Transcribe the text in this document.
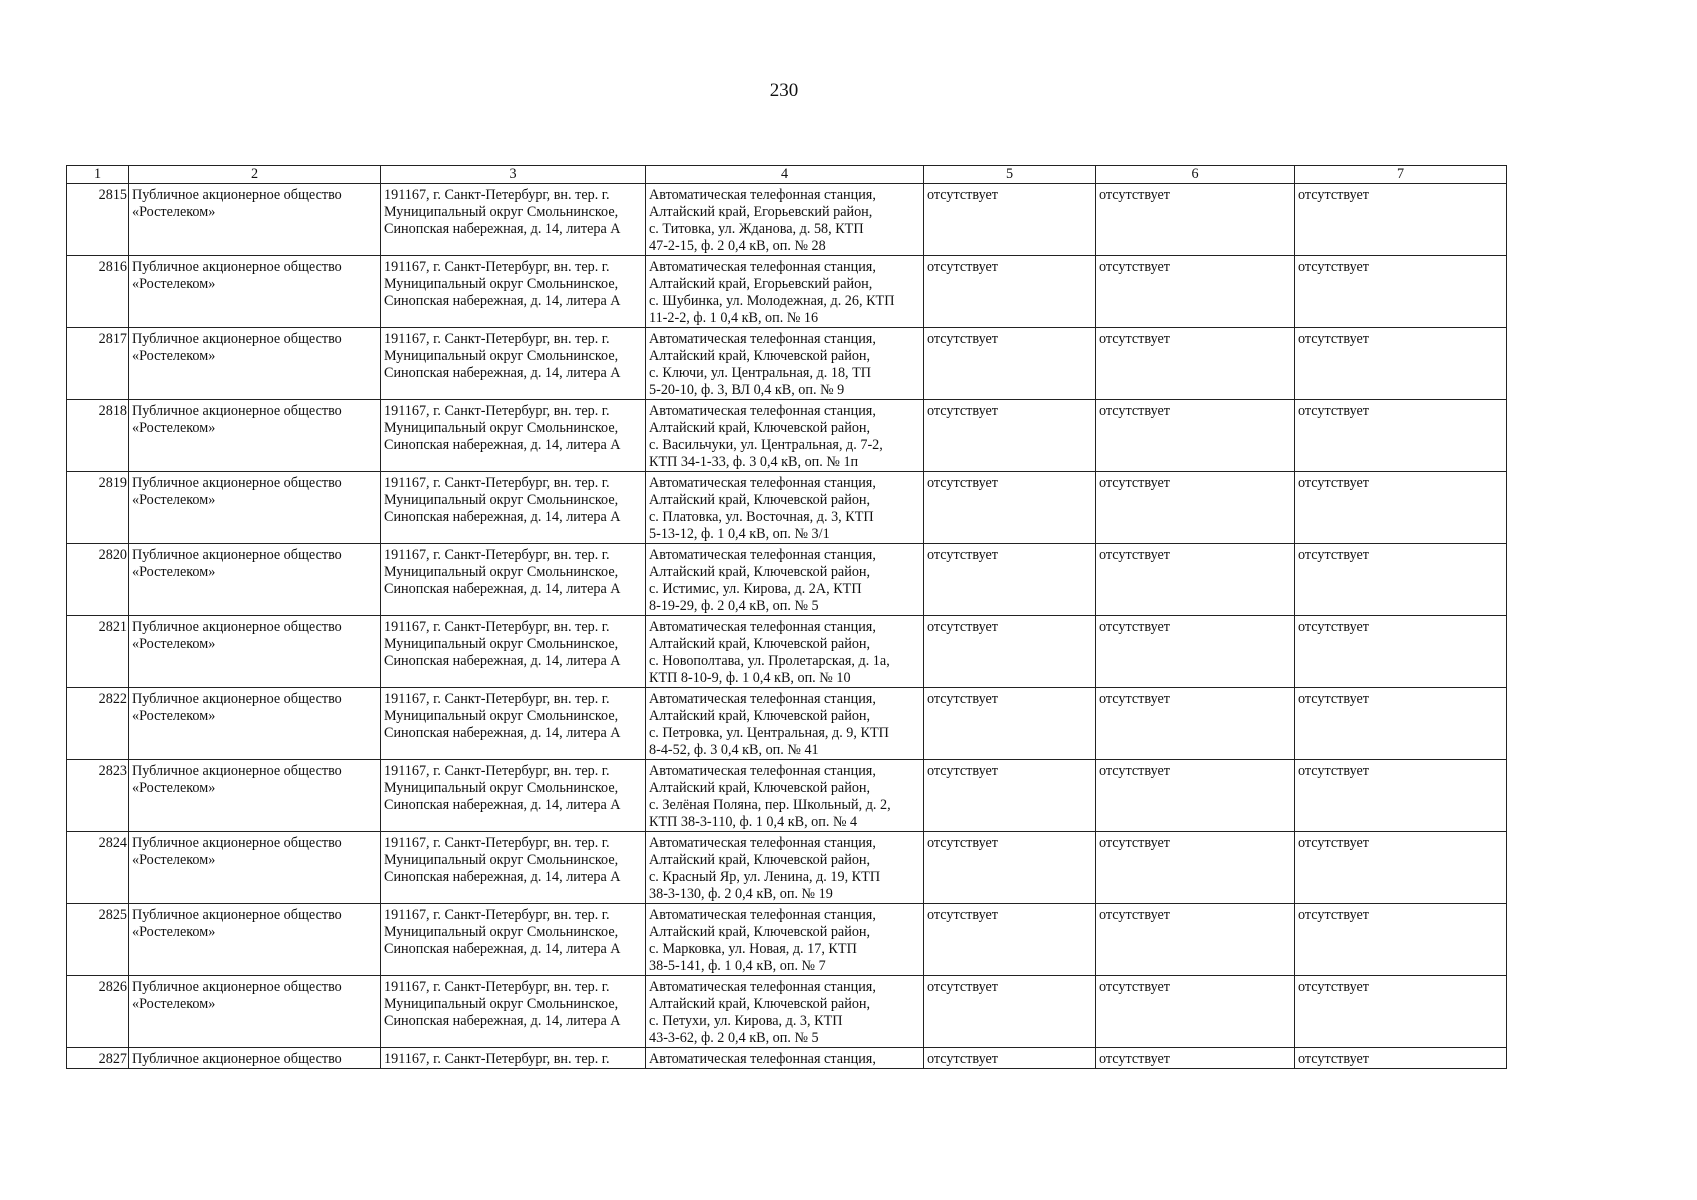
230
1	2	3	4	5	6	7
2815	Публичное акционерное общество
«Ростелеком»	191167, г. Санкт-Петербург, вн. тер. г.
Муниципальный округ Смольнинское,
Синопская набережная, д. 14, литера А	Автоматическая телефонная станция,
Алтайский край, Егорьевский район,
с. Титовка, ул. Жданова, д. 58, КТП
47-2-15, ф. 2 0,4 кВ, оп. № 28	отсутствует	отсутствует	отсутствует
2816	Публичное акционерное общество
«Ростелеком»	191167, г. Санкт-Петербург, вн. тер. г.
Муниципальный округ Смольнинское,
Синопская набережная, д. 14, литера А	Автоматическая телефонная станция,
Алтайский край, Егорьевский район,
с. Шубинка, ул. Молодежная, д. 26, КТП
11-2-2, ф. 1 0,4 кВ, оп. № 16	отсутствует	отсутствует	отсутствует
2817	Публичное акционерное общество
«Ростелеком»	191167, г. Санкт-Петербург, вн. тер. г.
Муниципальный округ Смольнинское,
Синопская набережная, д. 14, литера А	Автоматическая телефонная станция,
Алтайский край, Ключевской район,
с. Ключи, ул. Центральная, д. 18, ТП
5-20-10, ф. 3, ВЛ 0,4 кВ, оп. № 9	отсутствует	отсутствует	отсутствует
2818	Публичное акционерное общество
«Ростелеком»	191167, г. Санкт-Петербург, вн. тер. г.
Муниципальный округ Смольнинское,
Синопская набережная, д. 14, литера А	Автоматическая телефонная станция,
Алтайский край, Ключевской район,
с. Васильчуки, ул. Центральная, д. 7-2,
КТП 34-1-33, ф. 3 0,4 кВ, оп. № 1п	отсутствует	отсутствует	отсутствует
2819	Публичное акционерное общество
«Ростелеком»	191167, г. Санкт-Петербург, вн. тер. г.
Муниципальный округ Смольнинское,
Синопская набережная, д. 14, литера А	Автоматическая телефонная станция,
Алтайский край, Ключевской район,
с. Платовка, ул. Восточная, д. 3, КТП
5-13-12, ф. 1 0,4 кВ, оп. № 3/1	отсутствует	отсутствует	отсутствует
2820	Публичное акционерное общество
«Ростелеком»	191167, г. Санкт-Петербург, вн. тер. г.
Муниципальный округ Смольнинское,
Синопская набережная, д. 14, литера А	Автоматическая телефонная станция,
Алтайский край, Ключевской район,
с. Истимис, ул. Кирова, д. 2А, КТП
8-19-29, ф. 2 0,4 кВ, оп. № 5	отсутствует	отсутствует	отсутствует
2821	Публичное акционерное общество
«Ростелеком»	191167, г. Санкт-Петербург, вн. тер. г.
Муниципальный округ Смольнинское,
Синопская набережная, д. 14, литера А	Автоматическая телефонная станция,
Алтайский край, Ключевской район,
с. Новополтава, ул. Пролетарская, д. 1а,
КТП 8-10-9, ф. 1 0,4 кВ, оп. № 10	отсутствует	отсутствует	отсутствует
2822	Публичное акционерное общество
«Ростелеком»	191167, г. Санкт-Петербург, вн. тер. г.
Муниципальный округ Смольнинское,
Синопская набережная, д. 14, литера А	Автоматическая телефонная станция,
Алтайский край, Ключевской район,
с. Петровка, ул. Центральная, д. 9, КТП
8-4-52, ф. 3 0,4 кВ, оп. № 41	отсутствует	отсутствует	отсутствует
2823	Публичное акционерное общество
«Ростелеком»	191167, г. Санкт-Петербург, вн. тер. г.
Муниципальный округ Смольнинское,
Синопская набережная, д. 14, литера А	Автоматическая телефонная станция,
Алтайский край, Ключевской район,
с. Зелёная Поляна, пер. Школьный, д. 2,
КТП 38-3-110, ф. 1 0,4 кВ, оп. № 4	отсутствует	отсутствует	отсутствует
2824	Публичное акционерное общество
«Ростелеком»	191167, г. Санкт-Петербург, вн. тер. г.
Муниципальный округ Смольнинское,
Синопская набережная, д. 14, литера А	Автоматическая телефонная станция,
Алтайский край, Ключевской район,
с. Красный Яр, ул. Ленина, д. 19, КТП
38-3-130, ф. 2 0,4 кВ, оп. № 19	отсутствует	отсутствует	отсутствует
2825	Публичное акционерное общество
«Ростелеком»	191167, г. Санкт-Петербург, вн. тер. г.
Муниципальный округ Смольнинское,
Синопская набережная, д. 14, литера А	Автоматическая телефонная станция,
Алтайский край, Ключевской район,
с. Марковка, ул. Новая, д. 17, КТП
38-5-141, ф. 1 0,4 кВ, оп. № 7	отсутствует	отсутствует	отсутствует
2826	Публичное акционерное общество
«Ростелеком»	191167, г. Санкт-Петербург, вн. тер. г.
Муниципальный округ Смольнинское,
Синопская набережная, д. 14, литера А	Автоматическая телефонная станция,
Алтайский край, Ключевской район,
с. Петухи, ул. Кирова, д. 3, КТП
43-3-62, ф. 2 0,4 кВ, оп. № 5	отсутствует	отсутствует	отсутствует
2827	Публичное акционерное общество	191167, г. Санкт-Петербург, вн. тер. г.	Автоматическая телефонная станция,	отсутствует	отсутствует	отсутствует
